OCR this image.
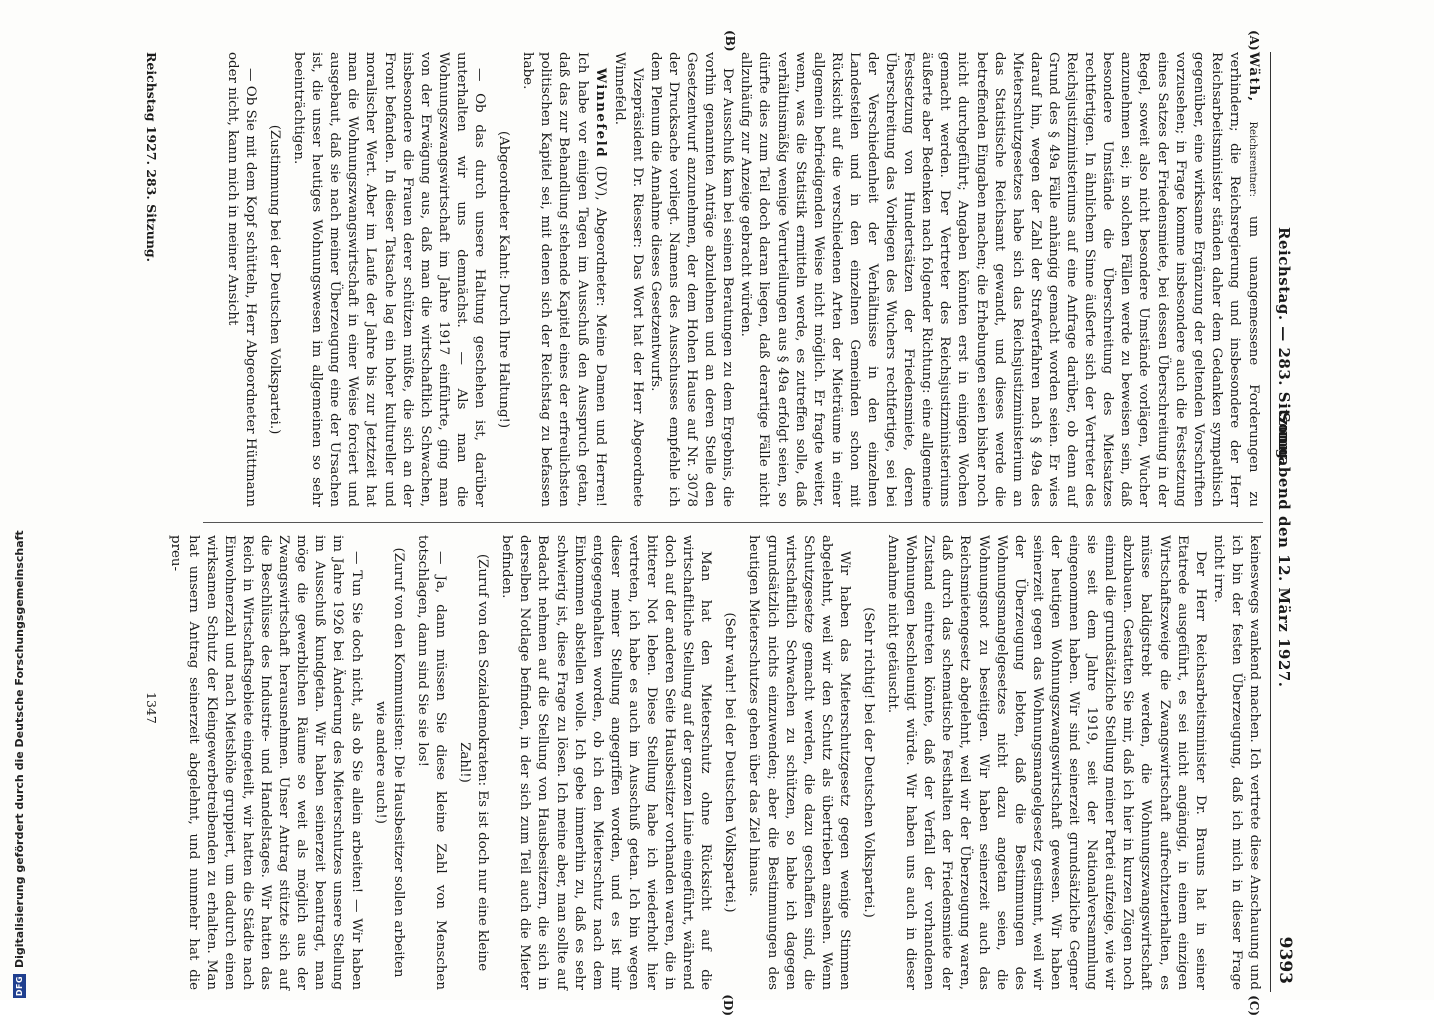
Reichstag. — 283. Sitzung.
Sonnabend den 12. März 1927.
9393
(A)
(B)
(C)
(D)

Wäth, Reichsrentner: um unangemessene Forderungen zu verhindern; die Reichsregierung und insbesondere der Herr Reichsarbeitsminister ständen daher dem Gedanken sympathisch gegenüber, eine wirksame Ergänzung der geltenden Vorschriften vorzusehen; in Frage komme insbesondere auch die Festsetzung eines Satzes der Friedensmiete, bei dessen Überschreitung in der Regel, soweit also nicht besondere Umstände vorlägen, Wucher anzunehmen sei; in solchen Fällen werde zu beweisen sein, daß besondere Umstände die Überschreitung des Mietsatzes rechtfertigen. In ähnlichem Sinne äußerte sich der Vertreter des Reichsjustizministeriums auf eine Anfrage darüber, ob denn auf Grund des § 49a Fälle anhängig gemacht worden seien. Er wies darauf hin, wegen der Zahl der Strafverfahren nach § 49a des Mieterschutzgesetzes habe sich das Reichsjustizministerium an das Statistische Reichsamt gewandt, und dieses werde die betreffenden Eingaben machen; die Erhebungen seien bisher noch nicht durchgeführt; Angaben könnten erst in einigen Wochen gemacht werden. Der Vertreter des Reichsjustizministeriums äußerte aber Bedenken nach folgender Richtung: eine allgemeine Festsetzung von Hundertsätzen der Friedensmiete, deren Überschreitung das Vorliegen des Wuchers rechtfertige, sei bei der Verschiedenheit der Verhältnisse in den einzelnen Landesteilen und in den einzelnen Gemeinden schon mit Rücksicht auf die verschiedenen Arten der Mieträume in einer allgemein befriedigenden Weise nicht möglich. Er fragte weiter, wenn, was die Statistik ermitteln werde, es zutreffen solle, daß verhältnismäßig wenige Verurteilungen aus § 49a erfolgt seien, so dürfte dies zum Teil doch daran liegen, daß derartige Fälle nicht allzuhäufig zur Anzeige gebracht würden.

Der Ausschuß kam bei seinen Beratungen zu dem Ergebnis, die vorhin genannten Anträge abzulehnen und an deren Stelle den Gesetzentwurf anzunehmen, der dem Hohen Hause auf Nr. 3078 der Drucksache vorliegt. Namens des Ausschusses empfehle ich dem Plenum die Annahme dieses Gesetzentwurfs.

Vizepräsident Dr. Riesser: Das Wort hat der Herr Abgeordnete Winnefeld.

Winnefeld (DV), Abgeordneter: Meine Damen und Herren! Ich habe vor einigen Tagen im Ausschuß den Ausspruch getan, daß das zur Behandlung stehende Kapitel eines der erfreulichsten politischen Kapitel sei, mit denen sich der Reichstag zu befassen habe.

(Abgeordneter Kahnt: Durch Ihre Haltung!)

— Ob das durch unsere Haltung geschehen ist, darüber unterhalten wir uns demnächst. — Als man die Wohnungszwangswirtschaft im Jahre 1917 einführte, ging man von der Erwägung aus, daß man die wirtschaftlich Schwachen, insbesondere die Frauen derer schützen müßte, die sich an der Front befanden. In dieser Tatsache lag ein hoher kultureller und moralischer Wert. Aber im Laufe der Jahre bis zur Jetztzeit hat man die Wohnungszwangswirtschaft in einer Weise forciert und ausgebaut, daß sie nach meiner Überzeugung eine der Ursachen ist, die unser heutiges Wohnungswesen im allgemeinen so sehr beeinträchtigen.

(Zustimmung bei der Deutschen Volkspartei.)

— Ob Sie mit dem Kopf schütteln, Herr Abgeordneter Hüttmann oder nicht, kann mich in meiner Ansicht

keineswegs wankend machen. Ich vertrete diese Anschauung und ich bin der festen Überzeugung, daß ich mich in dieser Frage nicht irre.

Der Herr Reichsarbeitsminister Dr. Brauns hat in seiner Etatrede ausgeführt, es sei nicht angängig, in einem einzigen Wirtschaftszweige die Zwangswirtschaft aufrechtzuerhalten, es müsse baldigstrebt werden, die Wohnungszwangswirtschaft abzubauen. Gestatten Sie mir, daß ich hier in kurzen Zügen noch einmal die grundsätzliche Stellung meiner Partei aufzeige, wie wir sie seit dem Jahre 1919, seit der Nationalversammlung eingenommen haben. Wir sind seinerzeit grundsätzliche Gegner der heutigen Wohnungszwangswirtschaft gewesen. Wir haben seinerzeit gegen das Wohnungsmangelgesetz gestimmt, weil wir der Überzeugung lebten, daß die Bestimmungen des Wohnungsmangelgesetzes nicht dazu angetan seien, die Wohnungsnot zu beseitigen. Wir haben seinerzeit auch das Reichsmietengesetz abgelehnt, weil wir der Überzeugung waren, daß durch das schematische Festhalten der Friedensmiete der Zustand eintreten könnte, daß der Verfall der vorhandenen Wohnungen beschleunigt würde. Wir haben uns auch in dieser Annahme nicht getäuscht.

(Sehr richtig! bei der Deutschen Volkspartei.)

Wir haben das Mieterschutzgesetz gegen wenige Stimmen abgelehnt, weil wir den Schutz als übertrieben ansahen. Wenn Schutzgesetze gemacht werden, die dazu geschaffen sind, die wirtschaftlich Schwachen zu schützen, so habe ich dagegen grundsätzlich nichts einzuwenden; aber die Bestimmungen des heutigen Mieterschutzes gehen über das Ziel hinaus.

(Sehr wahr! bei der Deutschen Volkspartei.)

Man hat den Mieterschutz ohne Rücksicht auf die wirtschaftliche Stellung auf der ganzen Linie eingeführt, während doch auf der anderen Seite Hausbesitzer vorhanden waren, die in bitterer Not leben. Diese Stellung habe ich wiederholt hier vertreten, ich habe es auch im Ausschuß getan. Ich bin wegen dieser meiner Stellung angegriffen worden, und es ist mir entgegengehalten worden, ob ich den Mieterschutz nach dem Einkommen abstellen wolle. Ich gebe immerhin zu, daß es sehr schwierig ist, diese Frage zu lösen. Ich meine aber, man sollte auf Bedacht nehmen auf die Stellung von Hausbesitzern, die sich in derselben Notlage befinden, in der sich zum Teil auch die Mieter befinden.

(Zuruf von den Sozialdemokraten: Es ist doch nur eine kleine Zahl!)

— Ja, dann müssen Sie diese kleine Zahl von Menschen totschlagen, dann sind Sie sie los!

(Zuruf von den Kommunisten: Die Hausbesitzer sollen arbeiten wie andere auch!)

— Tun Sie doch nicht, als ob Sie allein arbeiten! — Wir haben im Jahre 1926 bei Änderung des Mieterschutzes unsere Stellung im Ausschuß kundgetan. Wir haben seinerzeit beantragt, man möge die gewerblichen Räume so weit als möglich aus der Zwangswirtschaft herausnehmen. Unser Antrag stützte sich auf die Beschlüsse des Industrie- und Handelstages. Wir hatten das Reich in Wirtschaftsgebiete eingeteilt, wir hatten die Städte nach Einwohnerzahl und nach Mietshöhe gruppiert, um dadurch einen wirksamen Schutz der Kleingewerbetreibenden zu erhalten. Man hat unsern Antrag seinerzeit abgelehnt, und nunmehr hat die preu-

Reichstag 1927. 283. Sitzung.
1347
DFG
Digitalisierung gefördert durch die Deutsche Forschungsgemeinschaft
